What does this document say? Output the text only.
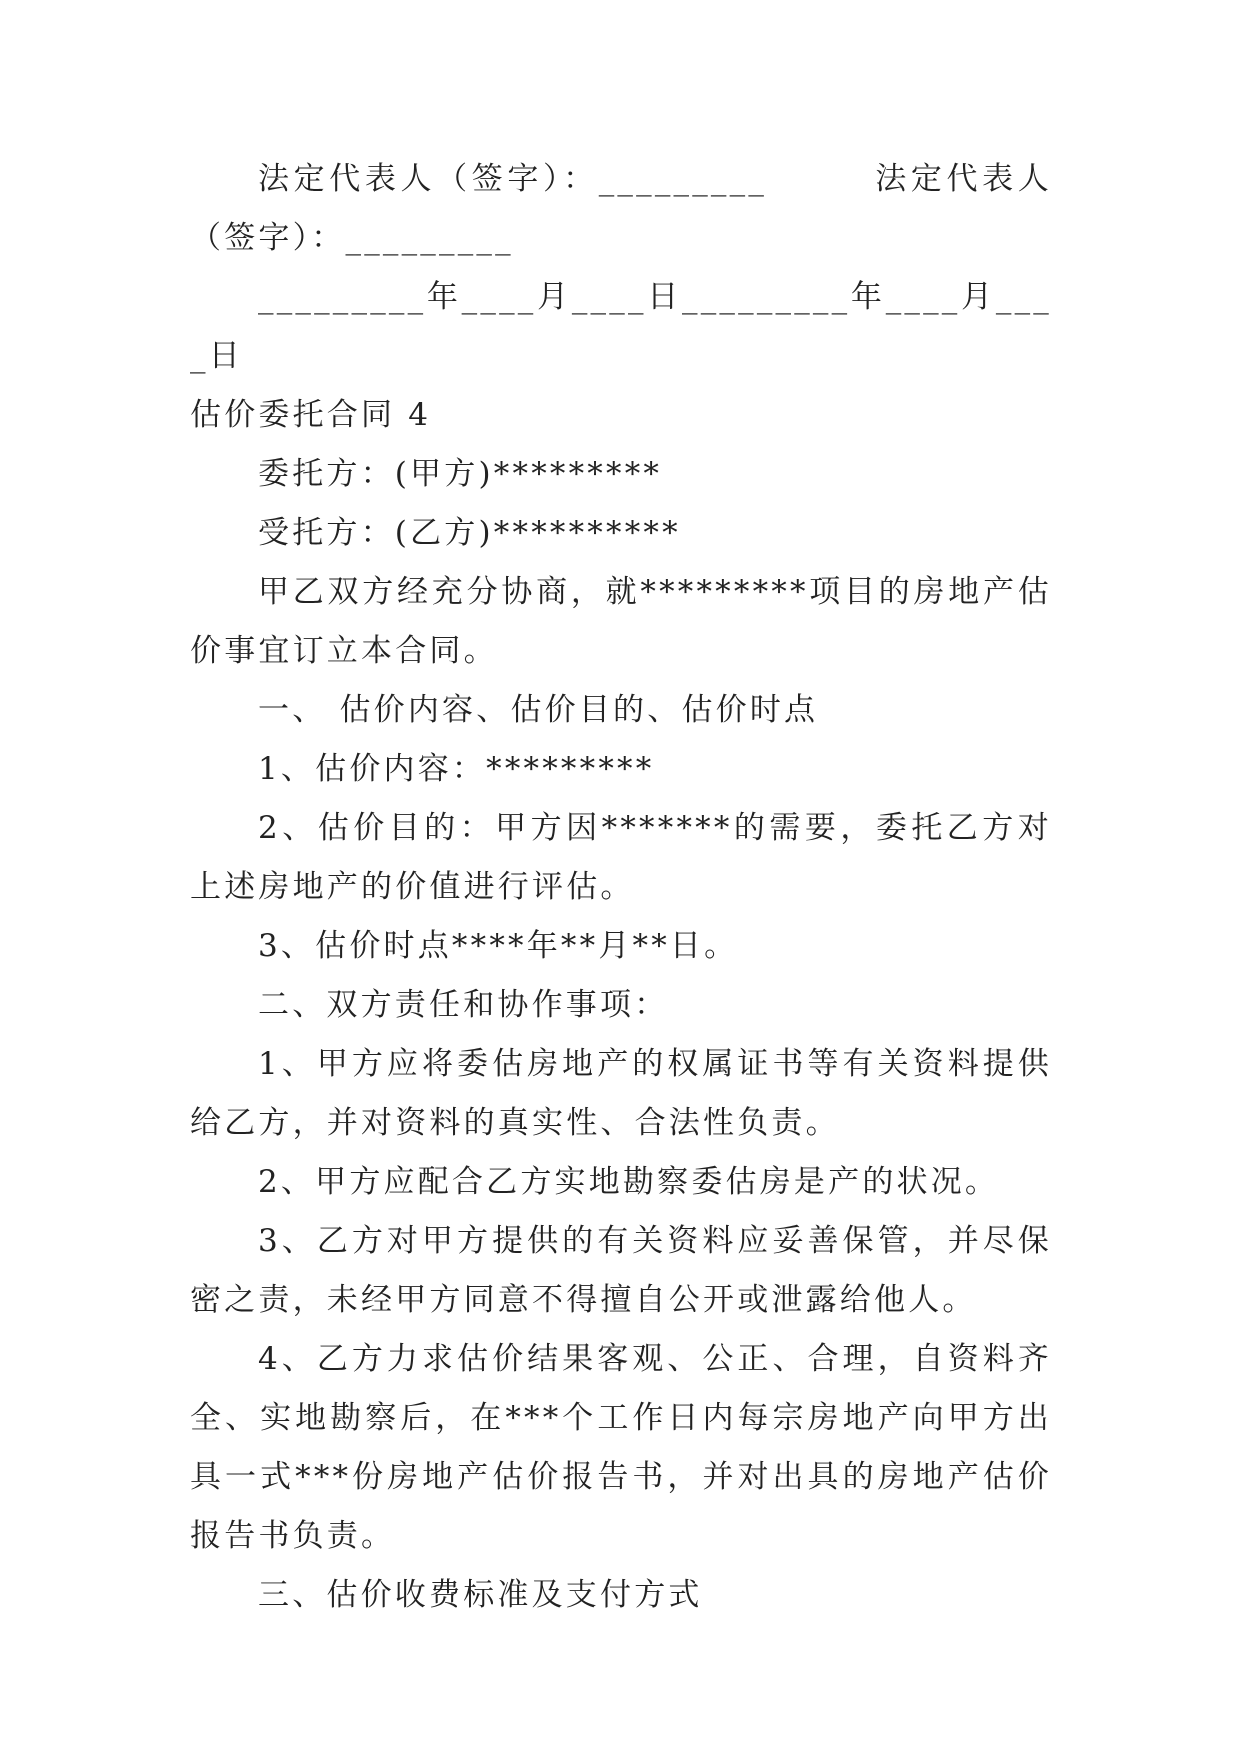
法定代表人（签字）：_________　　　法定代表人（签字）：_________

_________年____月____日_________年____月____日

估价委托合同 4

委托方：(甲方)*********

受托方：(乙方)**********

甲乙双方经充分协商，就*********项目的房地产估价事宜订立本合同。

一、 估价内容、估价目的、估价时点

1、估价内容：*********

2、估价目的：甲方因*******的需要，委托乙方对上述房地产的价值进行评估。

3、估价时点****年**月**日。

二、双方责任和协作事项：

1、甲方应将委估房地产的权属证书等有关资料提供给乙方，并对资料的真实性、合法性负责。

2、甲方应配合乙方实地勘察委估房是产的状况。

3、乙方对甲方提供的有关资料应妥善保管，并尽保密之责，未经甲方同意不得擅自公开或泄露给他人。

4、乙方力求估价结果客观、公正、合理，自资料齐全、实地勘察后，在***个工作日内每宗房地产向甲方出具一式***份房地产估价报告书，并对出具的房地产估价报告书负责。

三、估价收费标准及支付方式
